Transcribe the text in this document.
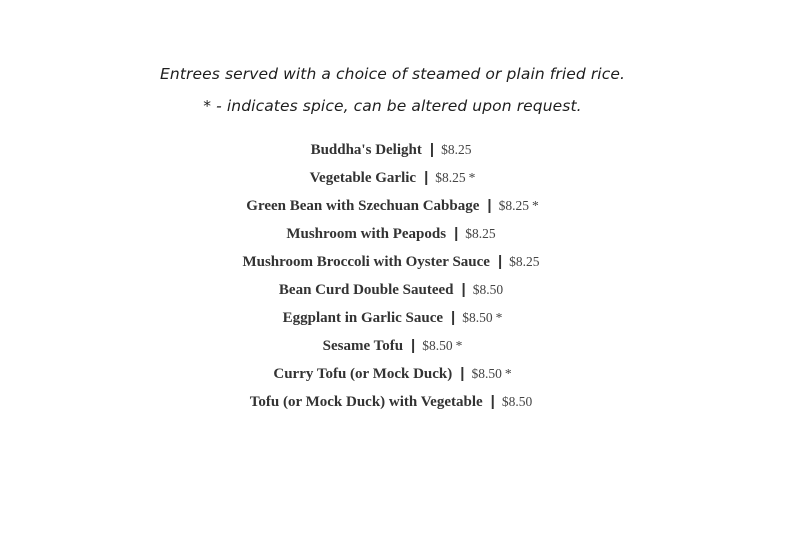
Entrees served with a choice of steamed or plain fried rice.
* - indicates spice, can be altered upon request.
Buddha's Delight | $8.25
Vegetable Garlic | $8.25 *
Green Bean with Szechuan Cabbage | $8.25 *
Mushroom with Peapods | $8.25
Mushroom Broccoli with Oyster Sauce | $8.25
Bean Curd Double Sauteed | $8.50
Eggplant in Garlic Sauce | $8.50 *
Sesame Tofu | $8.50 *
Curry Tofu (or Mock Duck) | $8.50 *
Tofu (or Mock Duck) with Vegetable | $8.50
